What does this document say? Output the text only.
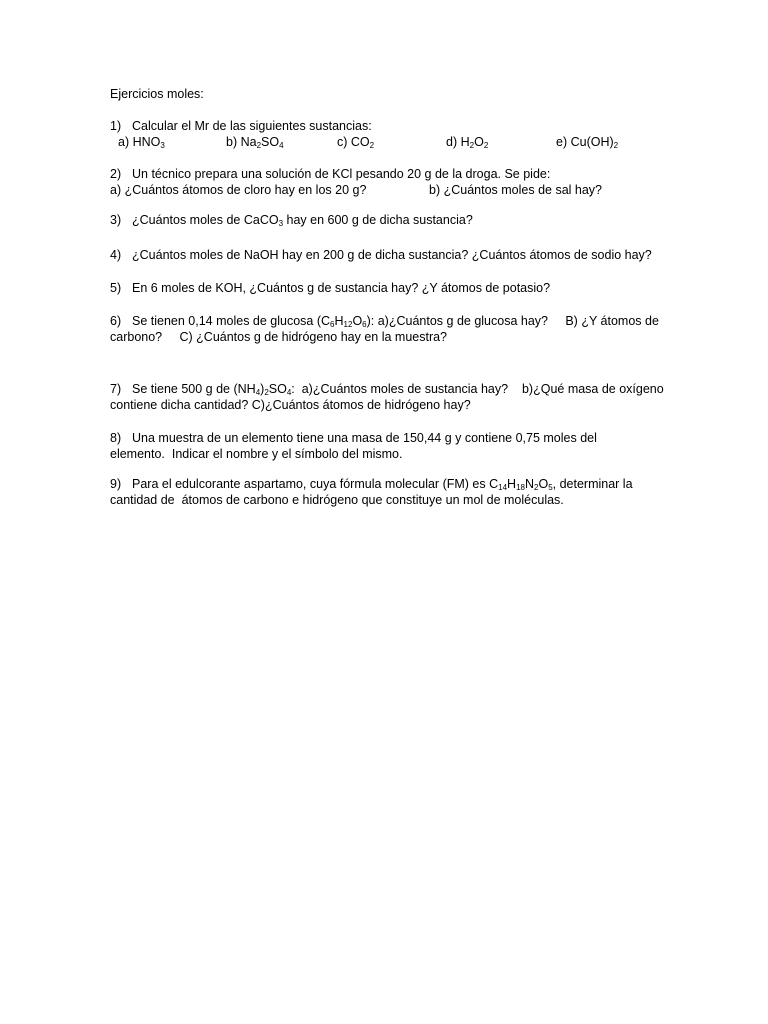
Ejercicios moles:
1) Calcular el Mr de las siguientes sustancias:
a) $HNO_3$	b) $Na_2SO_4$	c) $CO_2$	d) $H_2O_2$	e) $Cu(OH)_2$
2) Un técnico prepara una solución de KCl pesando 20 g de la droga. Se pide:
a) ¿Cuántos átomos de cloro hay en los 20 g?	b) ¿Cuántos moles de sal hay?
3) ¿Cuántos moles de CaCO$_3$ hay en 600 g de dicha sustancia?
4) ¿Cuántos moles de NaOH hay en 200 g de dicha sustancia? ¿Cuántos átomos de sodio hay?
5) En 6 moles de KOH, ¿Cuántos g de sustancia hay? ¿Y átomos de potasio?
6) Se tienen 0,14 moles de glucosa $(C_6H_{12}O_6)$: a)¿Cuántos g de glucosa hay?     B) ¿Y átomos de
carbono?     C) ¿Cuántos g de hidrógeno hay en la muestra?
7) Se tiene 500 g de $(NH_4)_2SO_4$:  a)¿Cuántos moles de sustancia hay?    b)¿Qué masa de oxígeno
contiene dicha cantidad? C)¿Cuántos átomos de hidrógeno hay?
8) Una muestra de un elemento tiene una masa de 150,44 g y contiene 0,75 moles del
elemento.  Indicar el nombre y el símbolo del mismo.
9) Para el edulcorante aspartamo, cuya fórmula molecular (FM) es $C_{14}H_{18}N_2O_5$, determinar la
cantidad de  átomos de carbono e hidrógeno que constituye un mol de moléculas.
